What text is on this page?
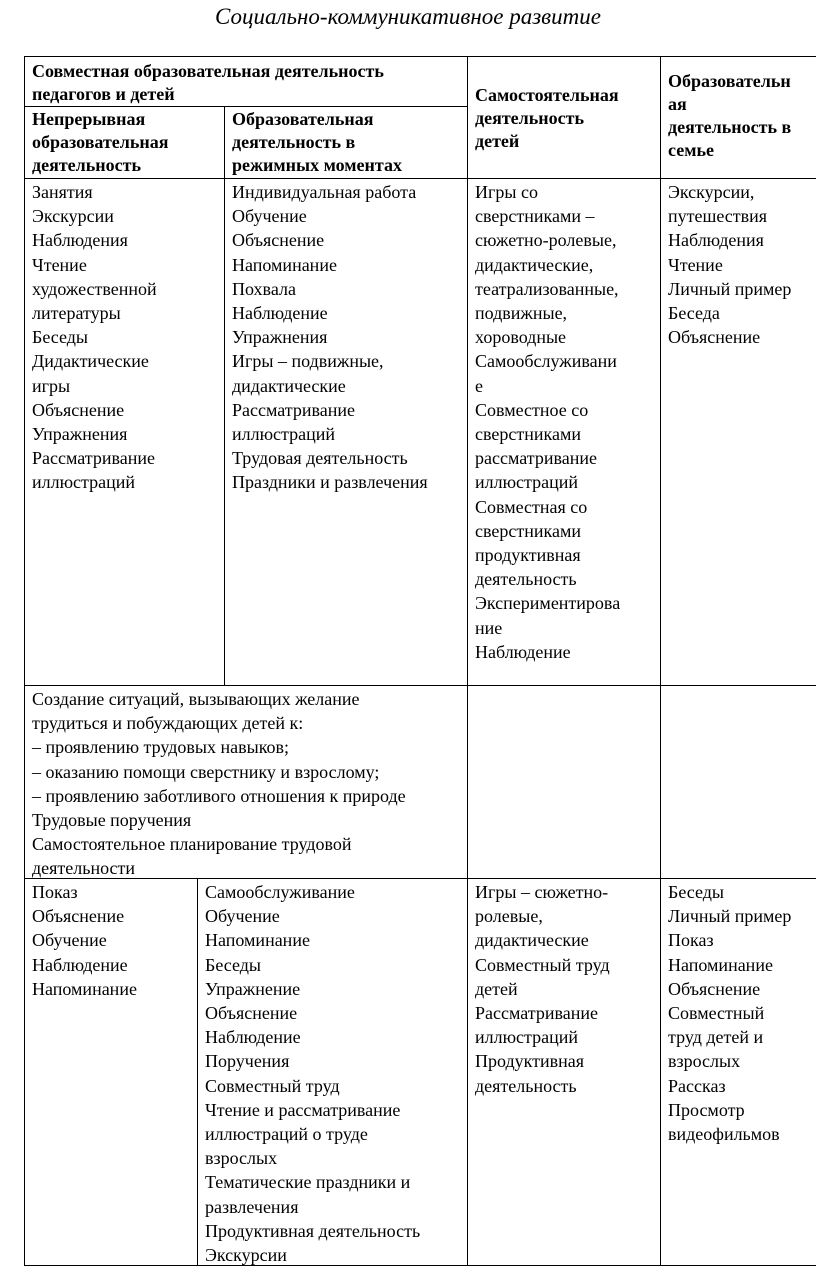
Социально-коммуникативное развитие
Совместная образовательная деятельность
педагогов и детей
Непрерывная
образовательная
деятельность
Образовательная
деятельность в
режимных моментах
Самостоятельная
деятельность
детей
Образовательн
ая
деятельность в
семье
Занятия
Экскурсии
Наблюдения
Чтение
художественной
литературы
Беседы
Дидактические
игры
Объяснение
Упражнения
Рассматривание
иллюстраций
Индивидуальная работа
Обучение
Объяснение
Напоминание
Похвала
Наблюдение
Упражнения
Игры – подвижные,
дидактические
Рассматривание
иллюстраций
Трудовая деятельность
Праздники и развлечения
Игры со
сверстниками –
сюжетно-ролевые,
дидактические,
театрализованные,
подвижные,
хороводные
Самообслуживани
е
Совместное со
сверстниками
рассматривание
иллюстраций
Совместная со
сверстниками
продуктивная
деятельность
Экспериментирова
ние
Наблюдение
Экскурсии,
путешествия
Наблюдения
Чтение
Личный пример
Беседа
Объяснение
Создание ситуаций, вызывающих желание
трудиться и побуждающих детей к:
– проявлению трудовых навыков;
– оказанию помощи сверстнику и взрослому;
– проявлению заботливого отношения к природе
Трудовые поручения
Самостоятельное планирование трудовой
деятельности
Показ
Объяснение
Обучение
Наблюдение
Напоминание
Самообслуживание
Обучение
Напоминание
Беседы
Упражнение
Объяснение
Наблюдение
Поручения
Совместный труд
Чтение и рассматривание
иллюстраций о труде
взрослых
Тематические праздники и
развлечения
Продуктивная деятельность
Экскурсии
Игры – сюжетно-
ролевые,
дидактические
Совместный труд
детей
Рассматривание
иллюстраций
Продуктивная
деятельность
Беседы
Личный пример
Показ
Напоминание
Объяснение
Совместный
труд детей и
взрослых
Рассказ
Просмотр
видеофильмов
